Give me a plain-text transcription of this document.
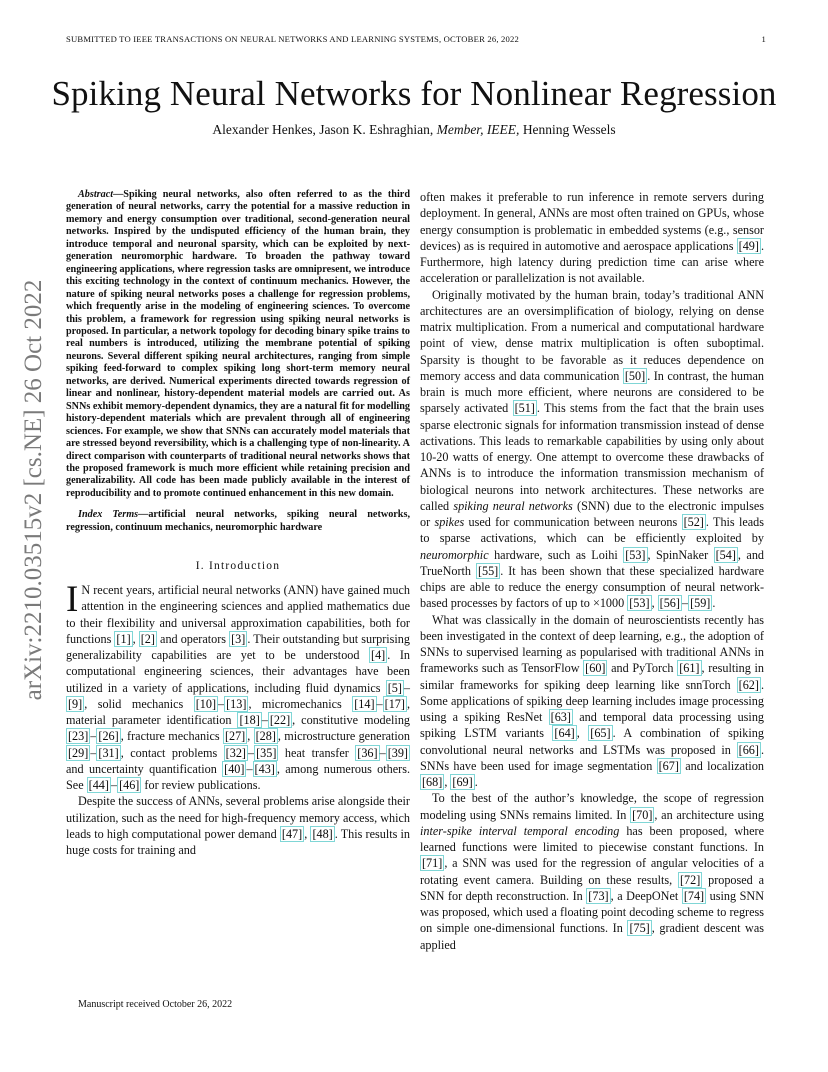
SUBMITTED TO IEEE TRANSACTIONS ON NEURAL NETWORKS AND LEARNING SYSTEMS, OCTOBER 26, 2022	1
arXiv:2210.03515v2 [cs.NE] 26 Oct 2022
Spiking Neural Networks for Nonlinear Regression
Alexander Henkes, Jason K. Eshraghian, Member, IEEE, Henning Wessels

Abstract—Spiking neural networks, also often referred to as the third generation of neural networks, carry the potential for a massive reduction in memory and energy consumption over traditional, second-generation neural networks. Inspired by the undisputed efficiency of the human brain, they introduce temporal and neuronal sparsity, which can be exploited by next-generation neuromorphic hardware. To broaden the pathway toward engineering applications, where regression tasks are omnipresent, we introduce this exciting technology in the context of continuum mechanics. However, the nature of spiking neural networks poses a challenge for regression problems, which frequently arise in the modeling of engineering sciences. To overcome this problem, a framework for regression using spiking neural networks is proposed. In particular, a network topology for decoding binary spike trains to real numbers is introduced, utilizing the membrane potential of spiking neurons. Several different spiking neural architectures, ranging from simple spiking feed-forward to complex spiking long short-term memory neural networks, are derived. Numerical experiments directed towards regression of linear and nonlinear, history-dependent material models are carried out. As SNNs exhibit memory-dependent dynamics, they are a natural fit for modelling history-dependent materials which are prevalent through all of engineering sciences. For example, we show that SNNs can accurately model materials that are stressed beyond reversibility, which is a challenging type of non-linearity. A direct comparison with counterparts of traditional neural networks shows that the proposed framework is much more efficient while retaining precision and generalizability. All code has been made publicly available in the interest of reproducibility and to promote continued enhancement in this new domain.

Index Terms—artificial neural networks, spiking neural networks, regression, continuum mechanics, neuromorphic hardware

I. Introduction

I N recent years, artificial neural networks (ANN) have gained much attention in the engineering sciences and applied mathematics due to their flexibility and universal approximation capabilities, both for functions [1] , [2] and operators [3] . Their outstanding but surprising generalizability capabilities are yet to be understood [4] . In computational engineering sciences, their advantages have been utilized in a variety of applications, including fluid dynamics [5] –[9] , solid mechanics [10] – [13] , micromechanics [14] – [17] , material parameter identification [18] – [22] , constitutive modeling [23] – [26] , fracture mechanics [27] , [28] , microstructure generation [29] – [31] , contact problems [32] – [35] heat transfer [36] – [39] and uncertainty quantification [40] – [43] , among numerous others. See [44] – [46] for review publications.

Despite the success of ANNs, several problems arise alongside their utilization, such as the need for high-frequency memory access, which leads to high computational power demand [47] , [48] . This results in huge costs for training and

often makes it preferable to run inference in remote servers during deployment. In general, ANNs are most often trained on GPUs, whose energy consumption is problematic in embedded systems (e.g., sensor devices) as is required in automotive and aerospace applications [49] . Furthermore, high latency during prediction time can arise where acceleration or parallelization is not available.

Originally motivated by the human brain, today’s traditional ANN architectures are an oversimplification of biology, relying on dense matrix multiplication. From a numerical and computational hardware point of view, dense matrix multiplication is often suboptimal. Sparsity is thought to be favorable as it reduces dependence on memory access and data communication [50] . In contrast, the human brain is much more efficient, where neurons are considered to be sparsely activated [51] . This stems from the fact that the brain uses sparse electronic signals for information transmission instead of dense activations. This leads to remarkable capabilities by using only about 10-20 watts of energy. One attempt to overcome these drawbacks of ANNs is to introduce the information transmission mechanism of biological neurons into network architectures. These networks are called spiking neural networks (SNN) due to the electronic impulses or spikes used for communication between neurons [52] . This leads to sparse activations, which can be efficiently exploited by neuromorphic hardware, such as Loihi [53] , SpinNaker [54] , and TrueNorth [55] . It has been shown that these specialized hardware chips are able to reduce the energy consumption of neural network-based processes by factors of up to ×1000 [53] , [56] – [59] .

What was classically in the domain of neuroscientists recently has been investigated in the context of deep learning, e.g., the adoption of SNNs to supervised learning as popularised with traditional ANNs in frameworks such as TensorFlow [60] and PyTorch [61] , resulting in similar frameworks for spiking deep learning like snnTorch [62] . Some applications of spiking deep learning includes image processing using a spiking ResNet [63] and temporal data processing using spiking LSTM variants [64] , [65] . A combination of spiking convolutional neural networks and LSTMs was proposed in [66] . SNNs have been used for image segmentation [67] and localization [68] , [69] .

To the best of the author’s knowledge, the scope of regression modeling using SNNs remains limited. In [70] , an architecture using inter-spike interval temporal encoding has been proposed, where learned functions were limited to piecewise constant functions. In [71] , a SNN was used for the regression of angular velocities of a rotating event camera. Building on these results, [72] proposed a SNN for depth reconstruction. In [73] , a DeepONet [74] using SNN was proposed, which used a floating point decoding scheme to regress on simple one-dimensional functions. In [75] , gradient descent was applied

Manuscript received October 26, 2022
